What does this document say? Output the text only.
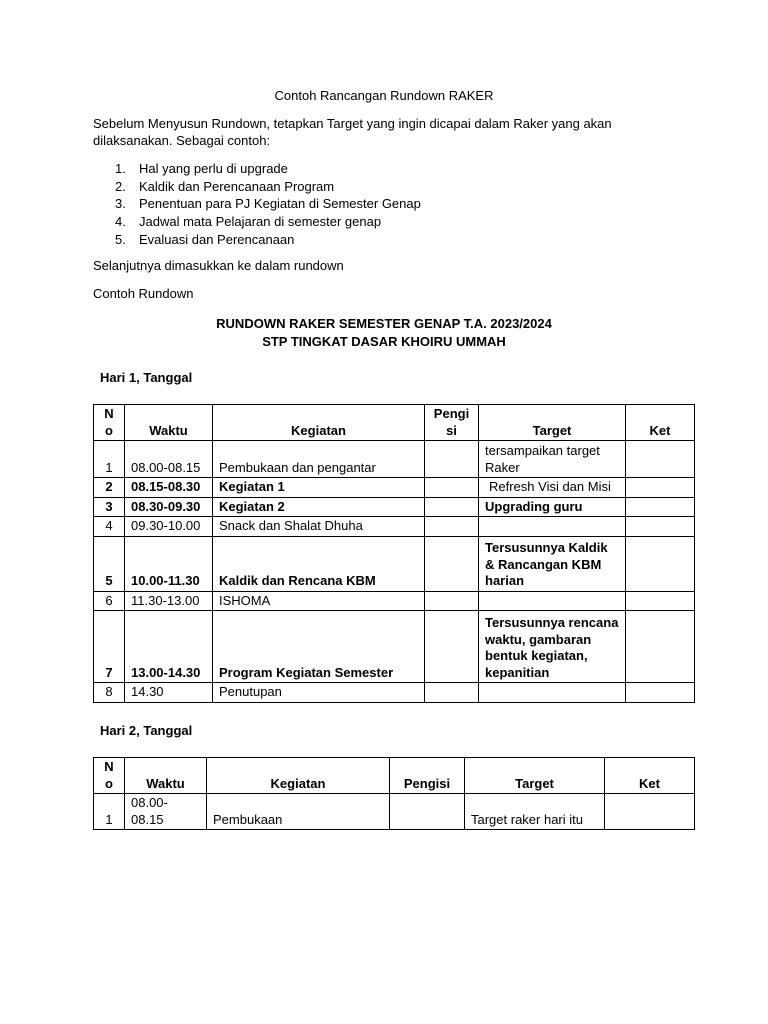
Contoh Rancangan Rundown RAKER
Sebelum Menyusun Rundown, tetapkan Target yang ingin dicapai dalam Raker yang akan dilaksanakan. Sebagai contoh:
1. Hal yang perlu di upgrade
2. Kaldik dan Perencanaan Program
3. Penentuan para PJ Kegiatan di Semester Genap
4. Jadwal mata Pelajaran di semester genap
5. Evaluasi dan Perencanaan
Selanjutnya dimasukkan ke dalam rundown
Contoh Rundown
RUNDOWN RAKER SEMESTER GENAP T.A. 2023/2024
STP TINGKAT DASAR KHOIRU UMMAH
Hari 1, Tanggal
No	Waktu	Kegiatan	Pengisi	Target	Ket
1	08.00-08.15	Pembukaan dan pengantar		tersampaikan target Raker	
2	08.15-08.30	Kegiatan 1		Refresh Visi dan Misi	
3	08.30-09.30	Kegiatan 2		Upgrading guru	
4	09.30-10.00	Snack dan Shalat Dhuha			
5	10.00-11.30	Kaldik dan Rencana KBM		Tersusunnya Kaldik & Rancangan KBM harian	
6	11.30-13.00	ISHOMA			
7	13.00-14.30	Program Kegiatan Semester		Tersusunnya rencana waktu, gambaran bentuk kegiatan, kepanitian	
8	14.30	Penutupan			
Hari 2, Tanggal
No	Waktu	Kegiatan	Pengisi	Target	Ket
1	08.00-08.15	Pembukaan		Target raker hari itu	
